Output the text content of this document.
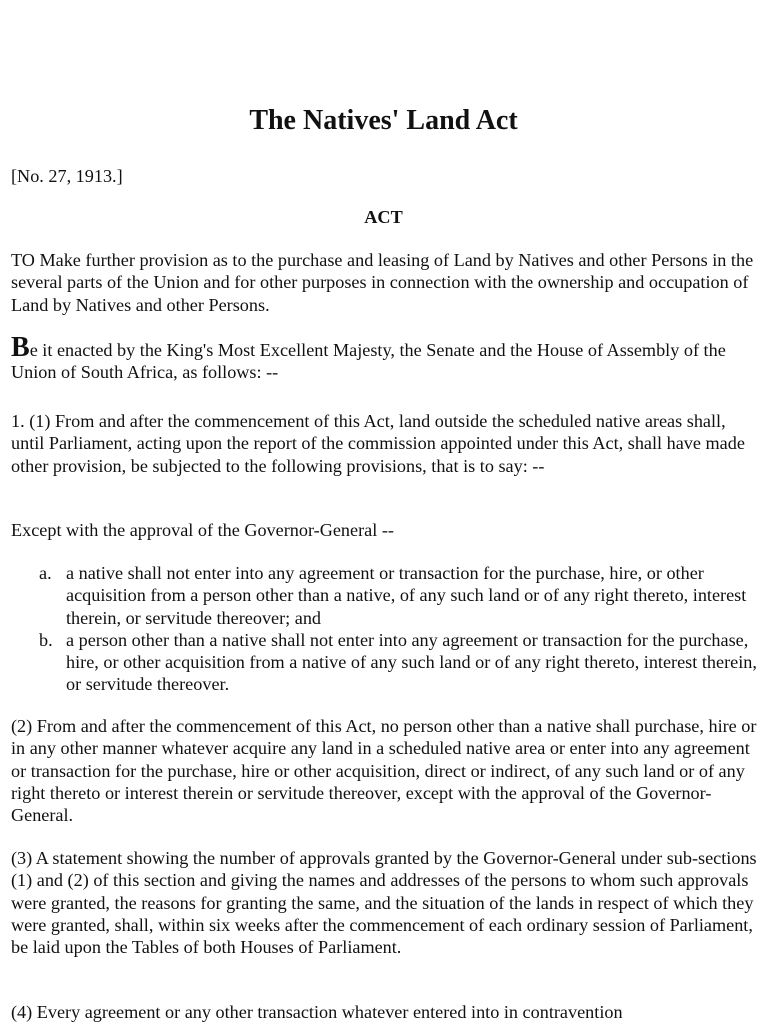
The Natives' Land Act

[No. 27, 1913.]

ACT

TO Make further provision as to the purchase and leasing of Land by Natives and other Persons in the several parts of the Union and for other purposes in connection with the ownership and occupation of Land by Natives and other Persons.

Be it enacted by the King's Most Excellent Majesty, the Senate and the House of Assembly of the Union of South Africa, as follows: --

1. (1) From and after the commencement of this Act, land outside the scheduled native areas shall, until Parliament, acting upon the report of the commission appointed under this Act, shall have made other provision, be subjected to the following provisions, that is to say: --

Except with the approval of the Governor-General --

a. a native shall not enter into any agreement or transaction for the purchase, hire, or other acquisition from a person other than a native, of any such land or of any right thereto, interest therein, or servitude thereover; and
b. a person other than a native shall not enter into any agreement or transaction for the purchase, hire, or other acquisition from a native of any such land or of any right thereto, interest therein, or servitude thereover.

(2) From and after the commencement of this Act, no person other than a native shall purchase, hire or in any other manner whatever acquire any land in a scheduled native area or enter into any agreement or transaction for the purchase, hire or other acquisition, direct or indirect, of any such land or of any right thereto or interest therein or servitude thereover, except with the approval of the Governor-General.

(3) A statement showing the number of approvals granted by the Governor-General under sub-sections (1) and (2) of this section and giving the names and addresses of the persons to whom such approvals were granted, the reasons for granting the same, and the situation of the lands in respect of which they were granted, shall, within six weeks after the commencement of each ordinary session of Parliament, be laid upon the Tables of both Houses of Parliament.

(4) Every agreement or any other transaction whatever entered into in contravention
